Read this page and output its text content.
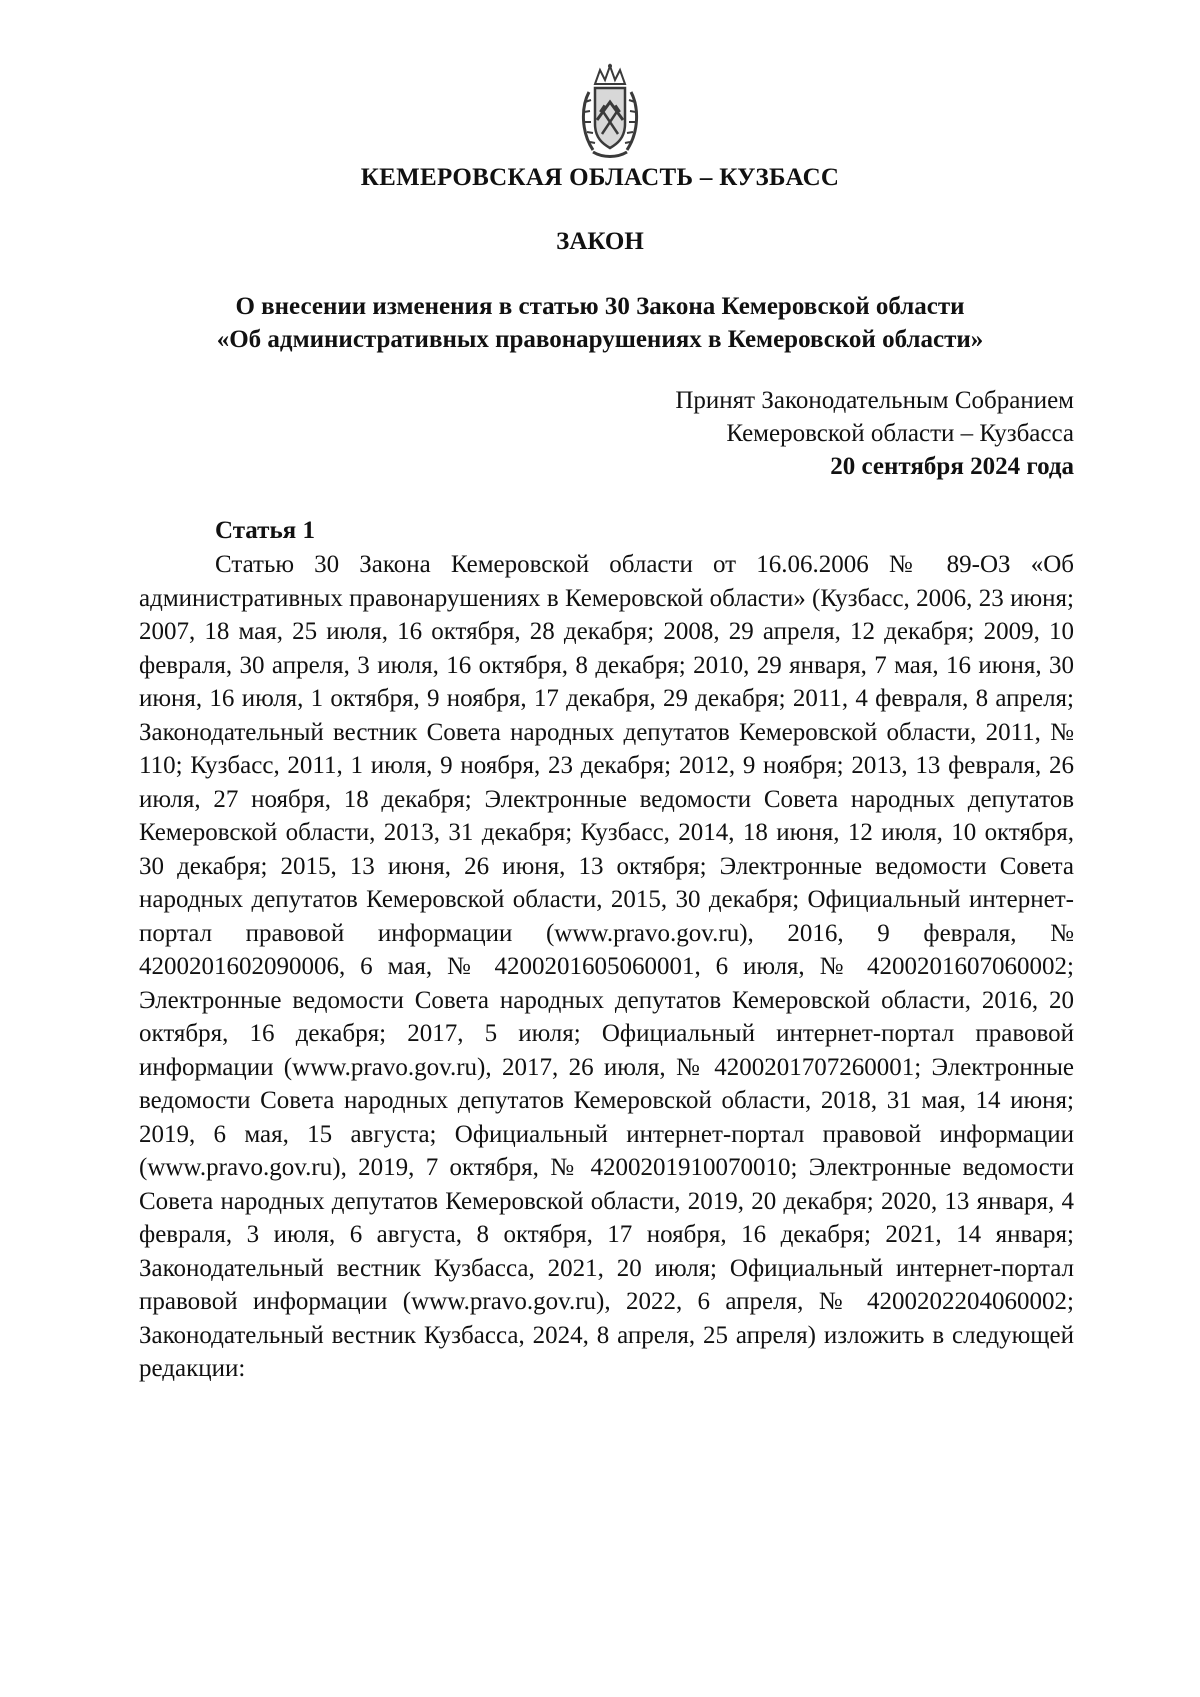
КЕМЕРОВСКАЯ ОБЛАСТЬ – КУЗБАСС
ЗАКОН
О внесении изменения в статью 30 Закона Кемеровской области
«Об административных правонарушениях в Кемеровской области»
Принят Законодательным Собранием
Кемеровской области – Кузбасса
20 сентября 2024 года
Статья 1

Статью 30 Закона Кемеровской области от 16.06.2006 № 89-ОЗ «Об административных правонарушениях в Кемеровской области» (Кузбасс, 2006, 23 июня; 2007, 18 мая, 25 июля, 16 октября, 28 декабря; 2008, 29 апреля, 12 декабря; 2009, 10 февраля, 30 апреля, 3 июля, 16 октября, 8 декабря; 2010, 29 января, 7 мая, 16 июня, 30 июня, 16 июля, 1 октября, 9 ноября, 17 декабря, 29 декабря; 2011, 4 февраля, 8 апреля; Законодательный вестник Совета народных депутатов Кемеровской области, 2011, № 110; Кузбасс, 2011, 1 июля, 9 ноября, 23 декабря; 2012, 9 ноября; 2013, 13 февраля, 26 июля, 27 ноября, 18 декабря; Электронные ведомости Совета народных депутатов Кемеровской области, 2013, 31 декабря; Кузбасс, 2014, 18 июня, 12 июля, 10 октября, 30 декабря; 2015, 13 июня, 26 июня, 13 октября; Электронные ведомости Совета народных депутатов Кемеровской области, 2015, 30 декабря; Официальный интернет-портал правовой информации (www.pravo.gov.ru), 2016, 9 февраля, № 4200201602090006, 6 мая, № 4200201605060001, 6 июля, № 4200201607060002; Электронные ведомости Совета народных депутатов Кемеровской области, 2016, 20 октября, 16 декабря; 2017, 5 июля; Официальный интернет-портал правовой информации (www.pravo.gov.ru), 2017, 26 июля, № 4200201707260001; Электронные ведомости Совета народных депутатов Кемеровской области, 2018, 31 мая, 14 июня; 2019, 6 мая, 15 августа; Официальный интернет-портал правовой информации (www.pravo.gov.ru), 2019, 7 октября, № 4200201910070010; Электронные ведомости Совета народных депутатов Кемеровской области, 2019, 20 декабря; 2020, 13 января, 4 февраля, 3 июля, 6 августа, 8 октября, 17 ноября, 16 декабря; 2021, 14 января; Законодательный вестник Кузбасса, 2021, 20 июля; Официальный интернет-портал правовой информации (www.pravo.gov.ru), 2022, 6 апреля, № 4200202204060002; Законодательный вестник Кузбасса, 2024, 8 апреля, 25 апреля) изложить в следующей редакции:
